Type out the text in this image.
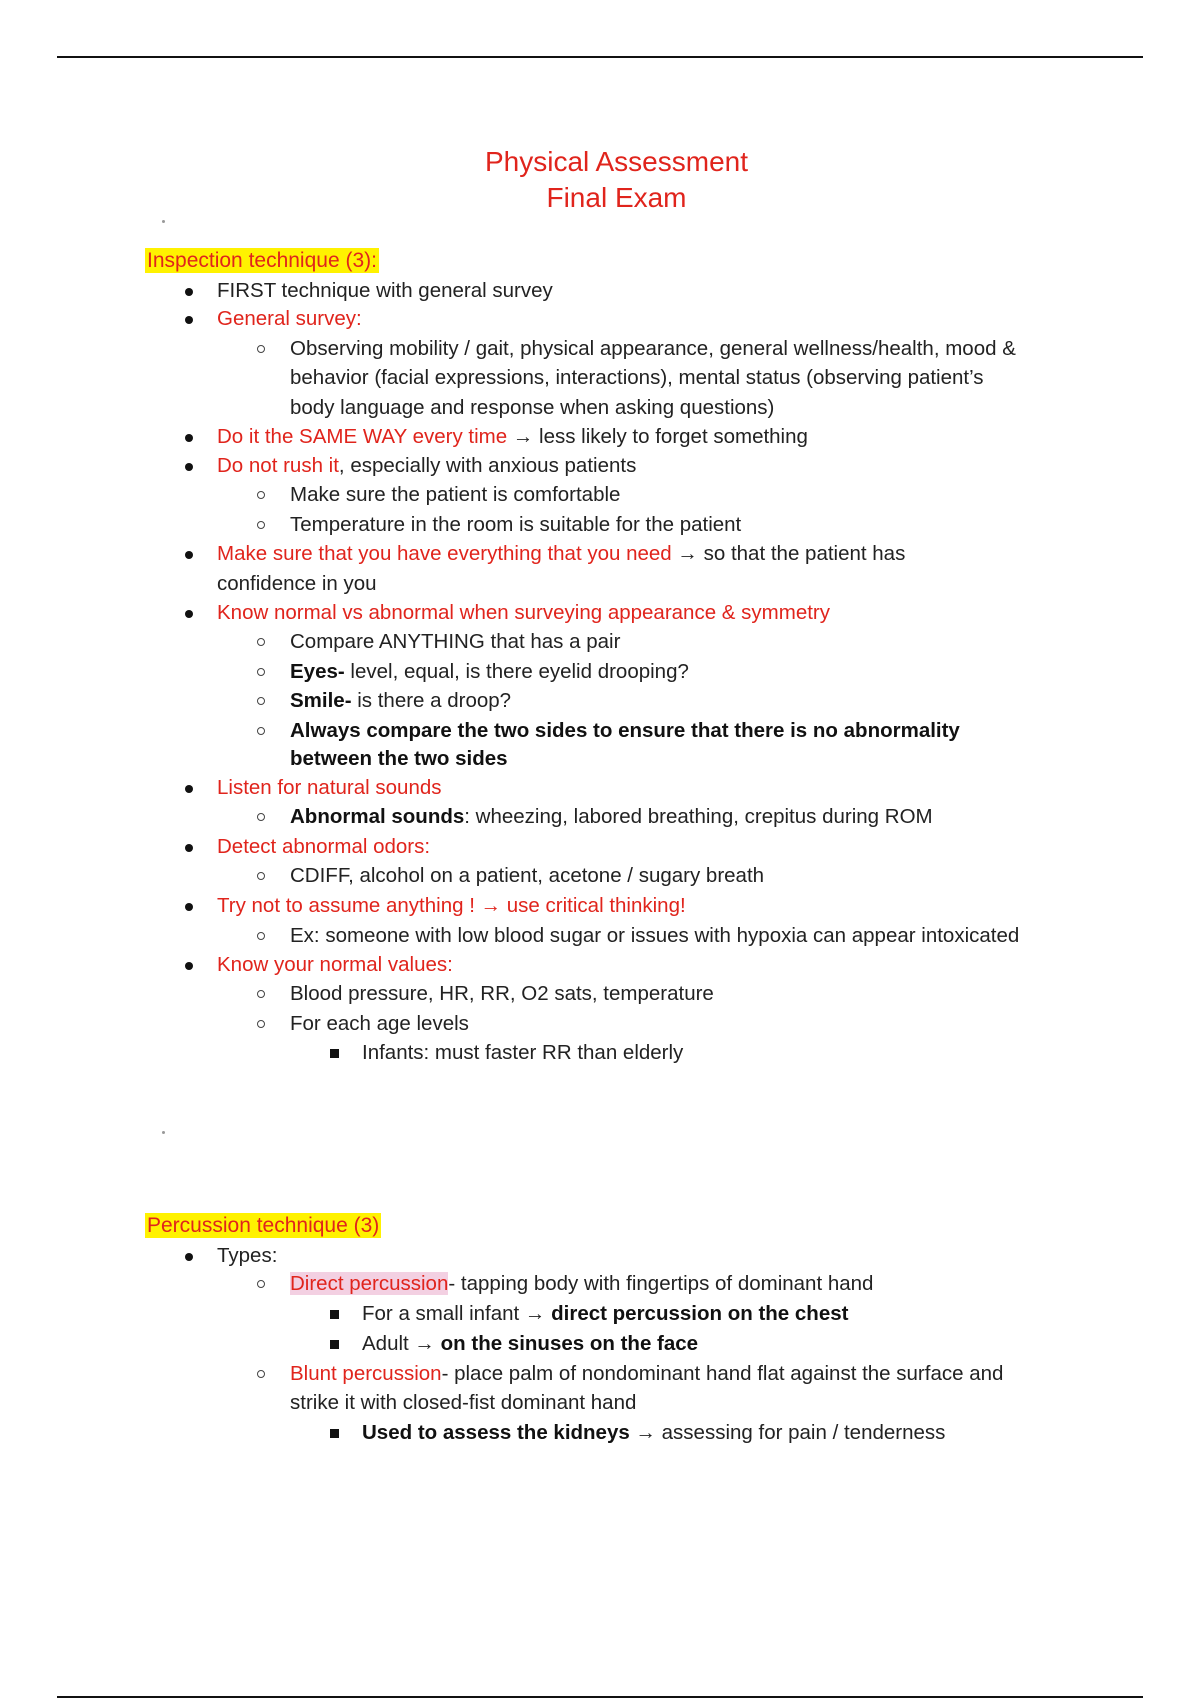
Physical Assessment
Final Exam
Inspection technique (3):
FIRST technique with general survey
General survey:
Observing mobility / gait, physical appearance, general wellness/health, mood &
behavior (facial expressions, interactions), mental status (observing patient’s
body language and response when asking questions)
Do it the SAME WAY every time → less likely to forget something
Do not rush it, especially with anxious patients
Make sure the patient is comfortable
Temperature in the room is suitable for the patient
Make sure that you have everything that you need → so that the patient has
confidence in you
Know normal vs abnormal when surveying appearance & symmetry
Compare ANYTHING that has a pair
Eyes- level, equal, is there eyelid drooping?
Smile- is there a droop?
Always compare the two sides to ensure that there is no abnormality
between the two sides
Listen for natural sounds
Abnormal sounds: wheezing, labored breathing, crepitus during ROM
Detect abnormal odors:
CDIFF, alcohol on a patient, acetone / sugary breath
Try not to assume anything ! → use critical thinking!
Ex: someone with low blood sugar or issues with hypoxia can appear intoxicated
Know your normal values:
Blood pressure, HR, RR, O2 sats, temperature
For each age levels
Infants: must faster RR than elderly
Percussion technique (3)
Types:
Direct percussion- tapping body with fingertips of dominant hand
For a small infant → direct percussion on the chest
Adult → on the sinuses on the face
Blunt percussion- place palm of nondominant hand flat against the surface and
strike it with closed-fist dominant hand
Used to assess the kidneys → assessing for pain / tenderness
